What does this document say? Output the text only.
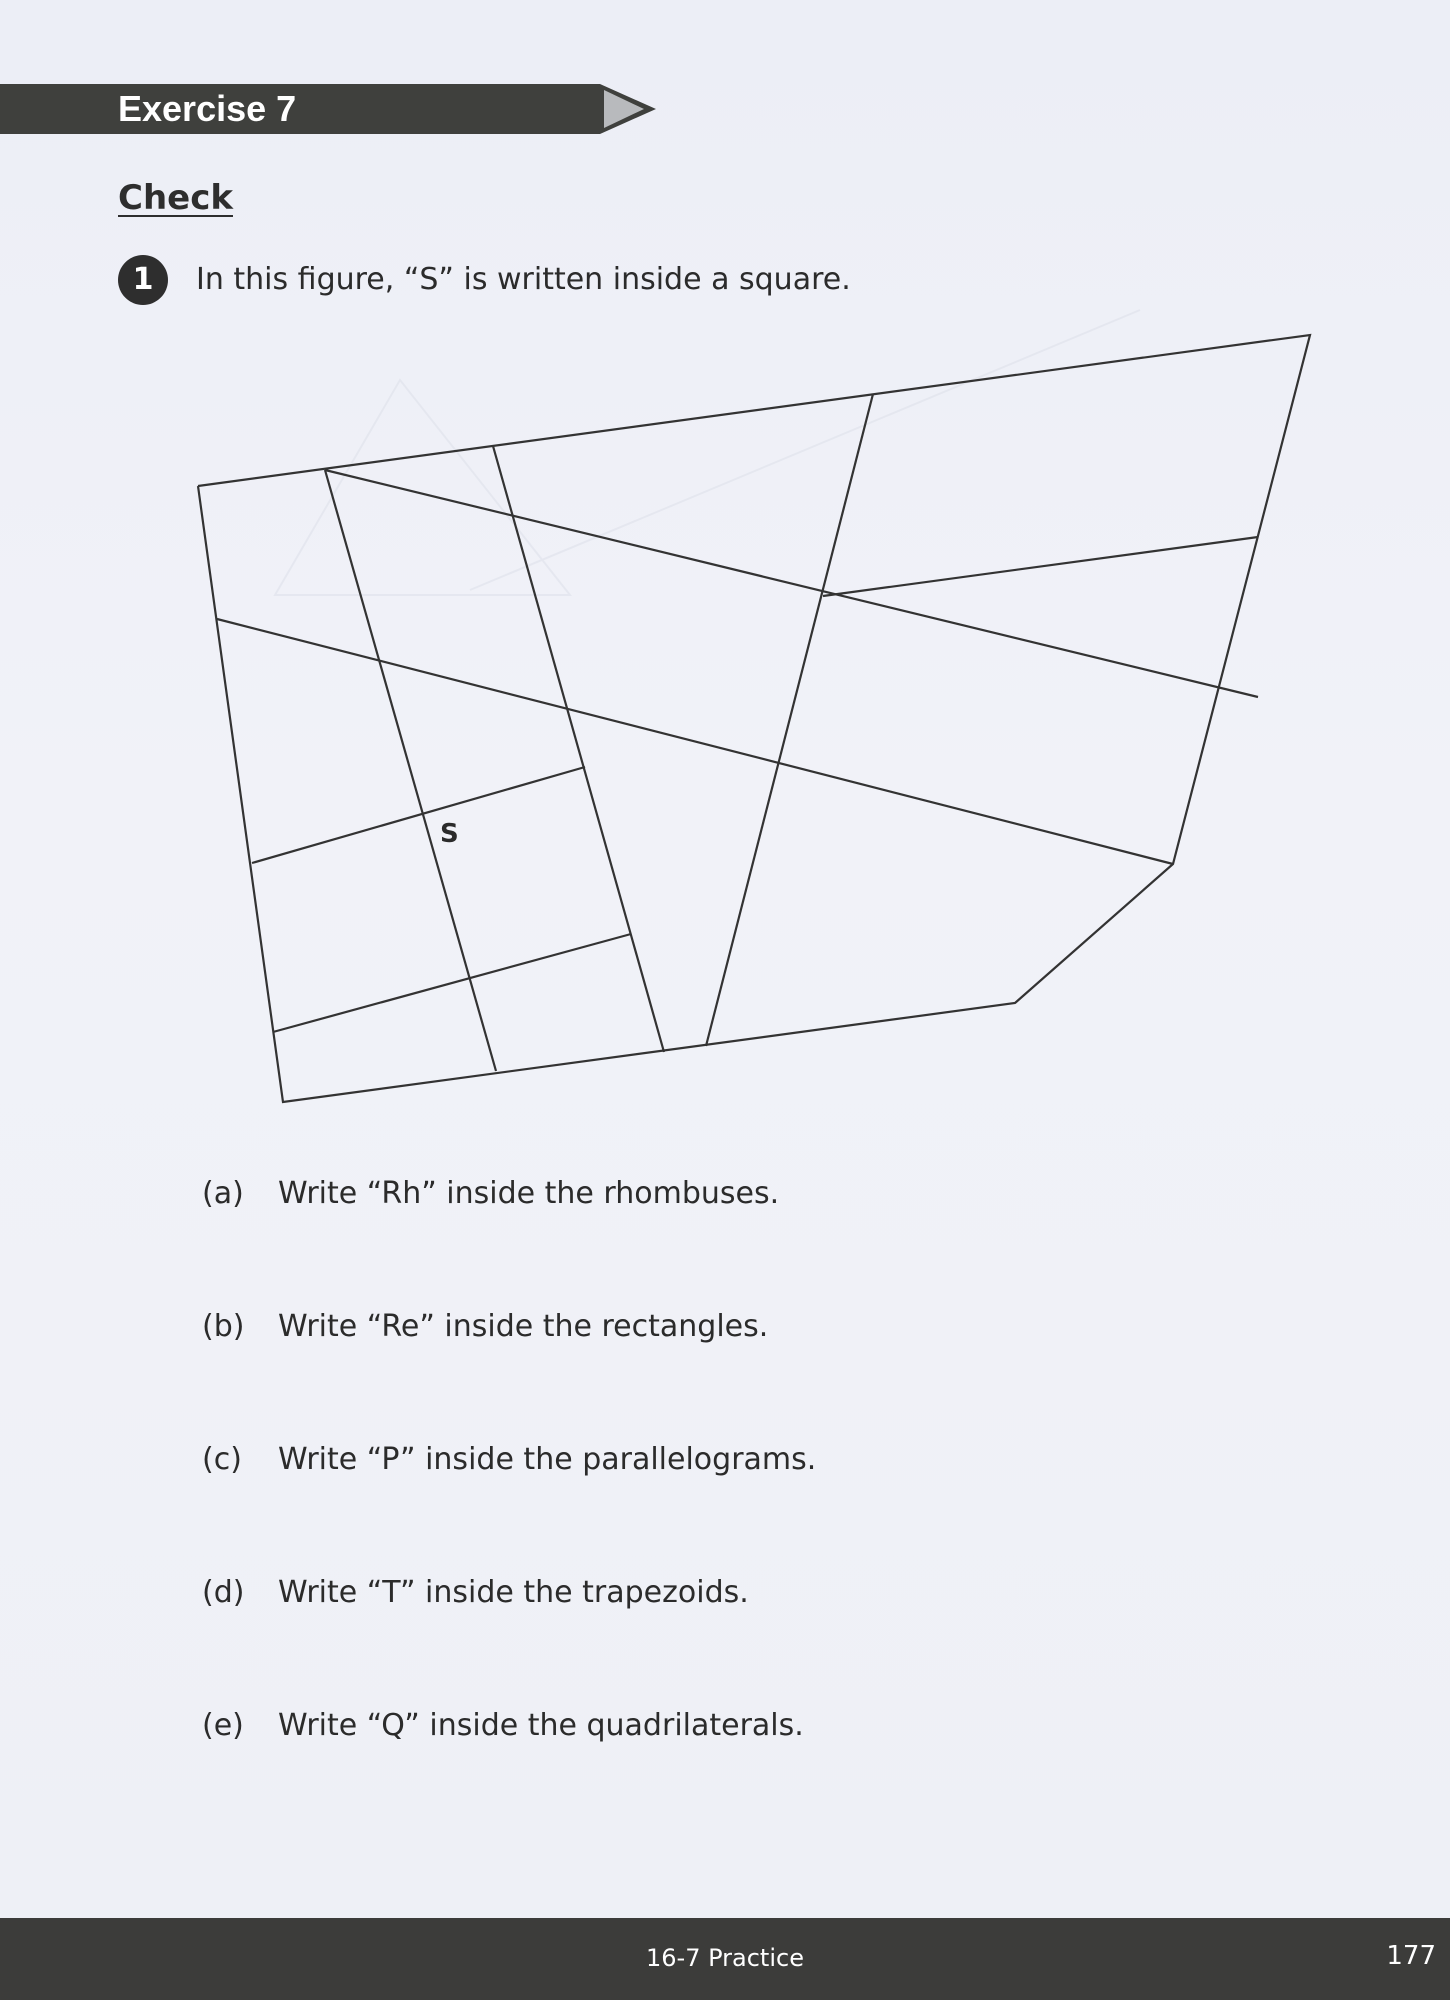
Exercise 7
Check
1	In this figure, “S” is written inside a square.
S
(a) Write “Rh” inside the rhombuses.
(b) Write “Re” inside the rectangles.
(c) Write “P” inside the parallelograms.
(d) Write “T” inside the trapezoids.
(e) Write “Q” inside the quadrilaterals.
16-7 Practice	177
